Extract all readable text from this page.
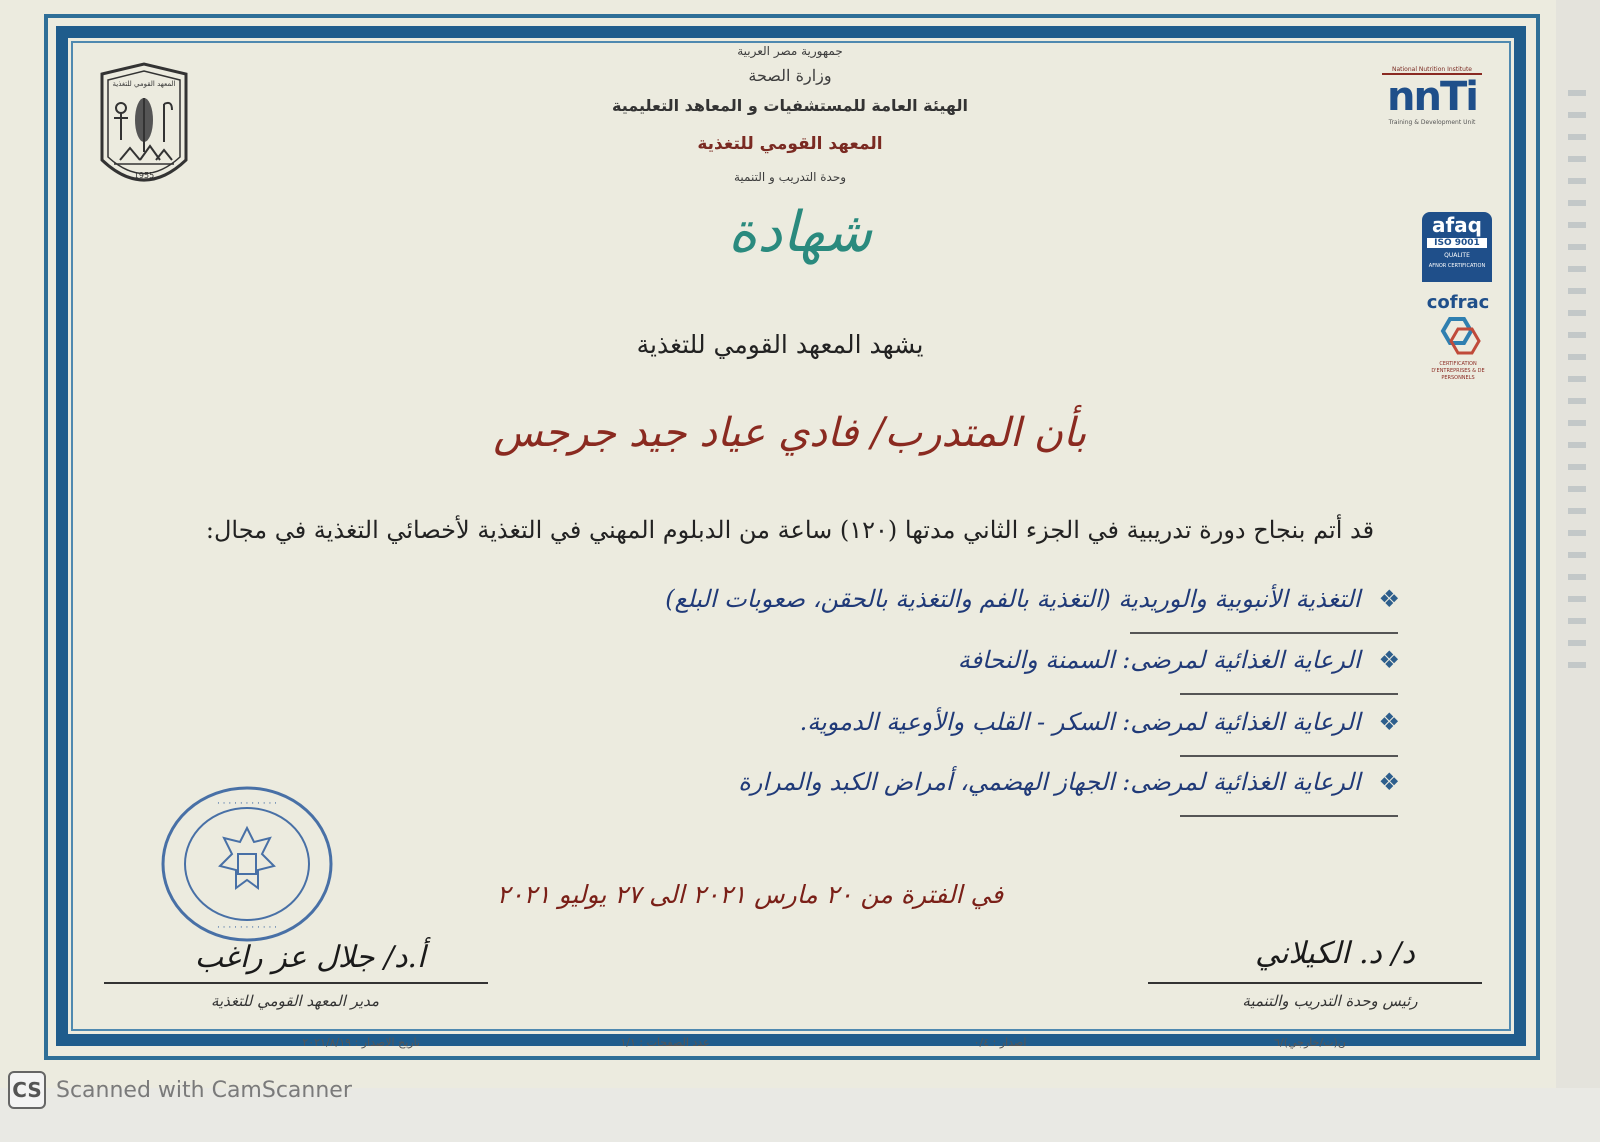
المعهد القومي للتغذية
1955
National Nutrition Institute
nnTi
Training & Development Unit
afaq
ISO 9001
QUALITE
AFNOR CERTIFICATION
cofrac
CERTIFICATION D'ENTREPRISES & DE PERSONNELS
جمهورية مصر العربية
وزارة الصحة
الهيئة العامة للمستشفيات و المعاهد التعليمية
المعهد القومي للتغذية
وحدة التدريب و التنمية
شهادة
يشهد المعهد القومي للتغذية
بأن المتدرب/ فادي عياد جيد جرجس
قد أتم بنجاح دورة تدريبية في الجزء الثاني مدتها (١٢٠) ساعة من الدبلوم المهني في التغذية لأخصائي التغذية في مجال:
❖التغذية الأنبوبية والوريدية (التغذية بالفم والتغذية بالحقن، صعوبات البلع)
❖الرعاية الغذائية لمرضى: السمنة والنحافة
❖الرعاية الغذائية لمرضى: السكر - القلب والأوعية الدموية.
❖الرعاية الغذائية لمرضى: الجهاز الهضمي، أمراض الكبد والمرارة
· · · · · · · · · · ·
· · · · · · · · · · ·
في الفترة من ٢٠ مارس ٢٠٢١ الى ٢٧ يوليو ٢٠٢١
أ.د/ جلال عز راغب
مدير المعهد القومي للتغذية
د/ د. الكيلاني
رئيس وحدة التدريب والتنمية
تاريخ الاصدار : ٢٠٢١/٨/١٩	عدد الصفحات : ١/١	اصدار : ٠/٤	ن(ت/خارجي)/٦
CS Scanned with CamScanner
